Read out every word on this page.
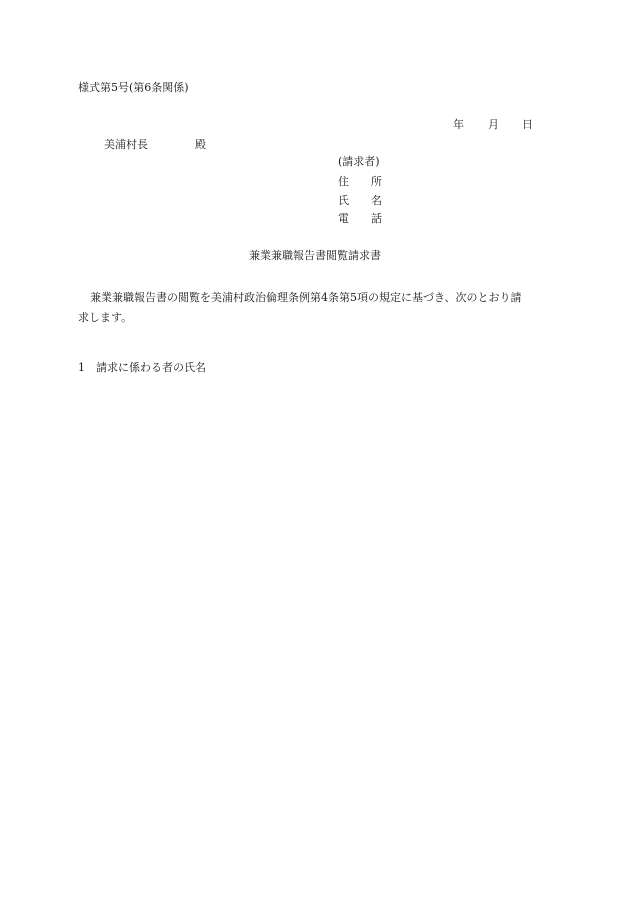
様式第5号(第6条関係)
年 月 日
美浦村長	殿
(請求者)
住 所
氏 名
電 話
兼業兼職報告書閲覧請求書
兼業兼職報告書の閲覧を美浦村政治倫理条例第4条第5項の規定に基づき、次のとおり請
求します。
1 請求に係わる者の氏名
